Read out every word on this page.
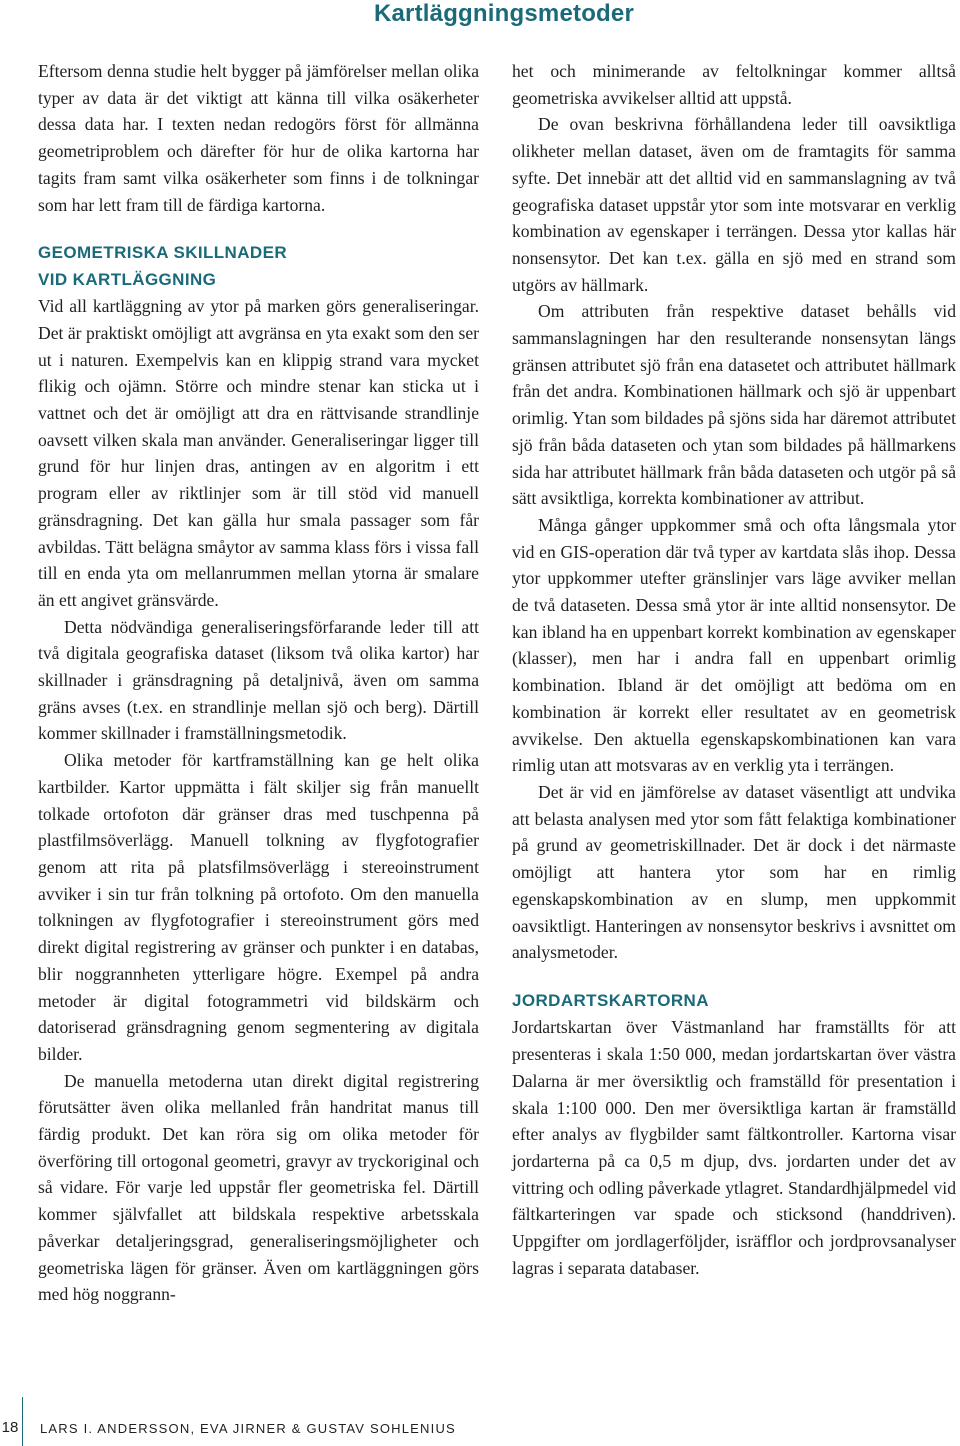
Kartläggningsmetoder

Eftersom denna studie helt bygger på jämförelser mellan olika typer av data är det viktigt att känna till vilka osäkerheter dessa data har. I texten nedan redogörs först för allmänna geometriproblem och därefter för hur de olika kartorna har tagits fram samt vilka osäkerheter som finns i de tolkningar som har lett fram till de färdiga kartorna.

GEOMETRISKA SKILLNADER
VID KARTLÄGGNING

Vid all kartläggning av ytor på marken görs generaliseringar. Det är praktiskt omöjligt att avgränsa en yta exakt som den ser ut i naturen. Exempelvis kan en klippig strand vara mycket flikig och ojämn. Större och mindre stenar kan sticka ut i vattnet och det är omöjligt att dra en rättvisande strandlinje oavsett vilken skala man använder. Generaliseringar ligger till grund för hur linjen dras, antingen av en algoritm i ett program eller av riktlinjer som är till stöd vid manuell gränsdragning. Det kan gälla hur smala passager som får avbildas. Tätt belägna småytor av samma klass förs i vissa fall till en enda yta om mellanrummen mellan ytorna är smalare än ett angivet gränsvärde.

Detta nödvändiga generaliseringsförfarande leder till att två digitala geografiska dataset (liksom två olika kartor) har skillnader i gränsdragning på detaljnivå, även om samma gräns avses (t.ex. en strandlinje mellan sjö och berg). Därtill kommer skillnader i framställningsmetodik.

Olika metoder för kartframställning kan ge helt olika kartbilder. Kartor uppmätta i fält skiljer sig från manuellt tolkade ortofoton där gränser dras med tuschpenna på plastfilmsöverlägg. Manuell tolkning av flygfotografier genom att rita på platsfilmsöverlägg i stereoinstrument avviker i sin tur från tolkning på ortofoto. Om den manuella tolkningen av flygfotografier i stereoinstrument görs med direkt digital registrering av gränser och punkter i en databas, blir noggrannheten ytterligare högre. Exempel på andra metoder är digital fotogrammetri vid bildskärm och datoriserad gränsdragning genom segmentering av digitala bilder.

De manuella metoderna utan direkt digital registrering förutsätter även olika mellanled från handritat manus till färdig produkt. Det kan röra sig om olika metoder för överföring till ortogonal geometri, gravyr av tryckoriginal och så vidare. För varje led uppstår fler geometriska fel. Därtill kommer självfallet att bildskala respektive arbetsskala påverkar detaljeringsgrad, generaliseringsmöjligheter och geometriska lägen för gränser. Även om kartläggningen görs med hög noggrann-

het och minimerande av feltolkningar kommer alltså geometriska avvikelser alltid att uppstå.

De ovan beskrivna förhållandena leder till oavsiktliga olikheter mellan dataset, även om de framtagits för samma syfte. Det innebär att det alltid vid en sammanslagning av två geografiska dataset uppstår ytor som inte motsvarar en verklig kombination av egenskaper i terrängen. Dessa ytor kallas här nonsensytor. Det kan t.ex. gälla en sjö med en strand som utgörs av hällmark.

Om attributen från respektive dataset behålls vid sammanslagningen har den resulterande nonsensytan längs gränsen attributet sjö från ena datasetet och attributet hällmark från det andra. Kombinationen hällmark och sjö är uppenbart orimlig. Ytan som bildades på sjöns sida har däremot attributet sjö från båda dataseten och ytan som bildades på hällmarkens sida har attributet hällmark från båda dataseten och utgör på så sätt avsiktliga, korrekta kombinationer av attribut.

Många gånger uppkommer små och ofta långsmala ytor vid en GIS-operation där två typer av kartdata slås ihop. Dessa ytor uppkommer utefter gränslinjer vars läge avviker mellan de två dataseten. Dessa små ytor är inte alltid nonsensytor. De kan ibland ha en uppenbart korrekt kombination av egenskaper (klasser), men har i andra fall en uppenbart orimlig kombination. Ibland är det omöjligt att bedöma om en kombination är korrekt eller resultatet av en geometrisk avvikelse. Den aktuella egenskapskombinationen kan vara rimlig utan att motsvaras av en verklig yta i terrängen.

Det är vid en jämförelse av dataset väsentligt att undvika att belasta analysen med ytor som fått felaktiga kombinationer på grund av geometriskillnader. Det är dock i det närmaste omöjligt att hantera ytor som har en rimlig egenskapskombination av en slump, men uppkommit oavsiktligt. Hanteringen av nonsensytor beskrivs i avsnittet om analysmetoder.

JORDARTSKARTORNA

Jordartskartan över Västmanland har framställts för att presenteras i skala 1:50 000, medan jordartskartan över västra Dalarna är mer översiktlig och framställd för presentation i skala 1:100 000. Den mer översiktliga kartan är framställd efter analys av flygbilder samt fältkontroller. Kartorna visar jordarterna på ca 0,5 m djup, dvs. jordarten under det av vittring och odling påverkade ytlagret. Standardhjälpmedel vid fältkarteringen var spade och sticksond (handdriven). Uppgifter om jordlagerföljder, isräfflor och jordprovsanalyser lagras i separata databaser.

18 LARS I. ANDERSSON, EVA JIRNER & GUSTAV SOHLENIUS
